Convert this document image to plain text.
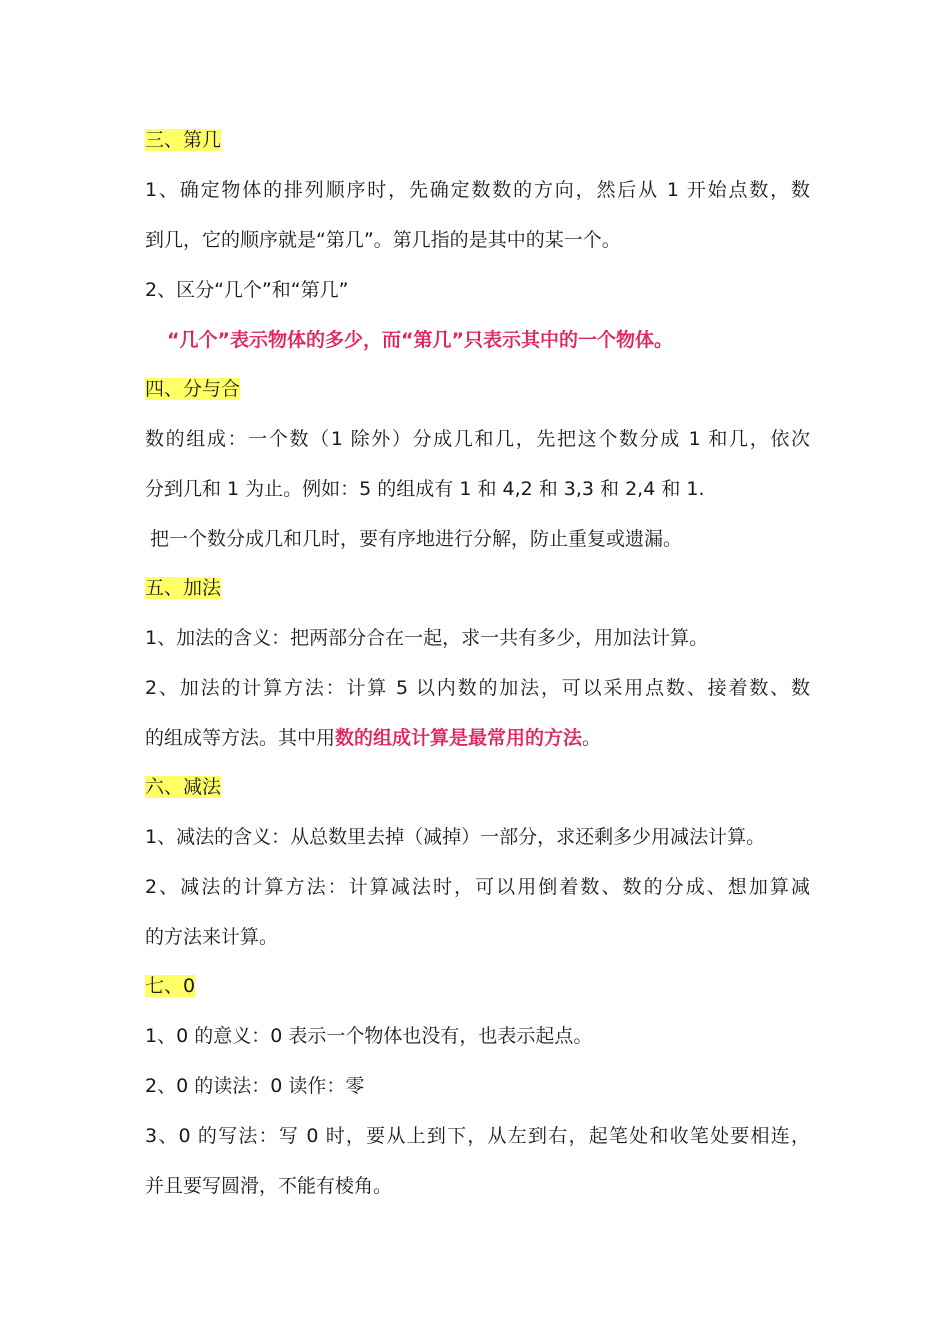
三、第几
1、确定物体的排列顺序时，先确定数数的方向，然后从 1 开始点数，数
到几，它的顺序就是“第几”。第几指的是其中的某一个。
2、区分“几个”和“第几”
“几个”表示物体的多少，而“第几”只表示其中的一个物体。
四、分与合
数的组成：一个数（1 除外）分成几和几，先把这个数分成 1 和几，依次
分到几和 1 为止。例如：5 的组成有 1 和 4,2 和 3,3 和 2,4 和 1.
把一个数分成几和几时，要有序地进行分解，防止重复或遗漏。
五、加法
1、加法的含义：把两部分合在一起，求一共有多少，用加法计算。
2、加法的计算方法：计算 5 以内数的加法，可以采用点数、接着数、数
的组成等方法。其中用数的组成计算是最常用的方法。
六、减法
1、减法的含义：从总数里去掉（减掉）一部分，求还剩多少用减法计算。
2、减法的计算方法：计算减法时，可以用倒着数、数的分成、想加算减
的方法来计算。
七、0
1、0 的意义：0 表示一个物体也没有，也表示起点。
2、0 的读法：0 读作：零
3、0 的写法：写 0 时，要从上到下，从左到右，起笔处和收笔处要相连，
并且要写圆滑，不能有棱角。
